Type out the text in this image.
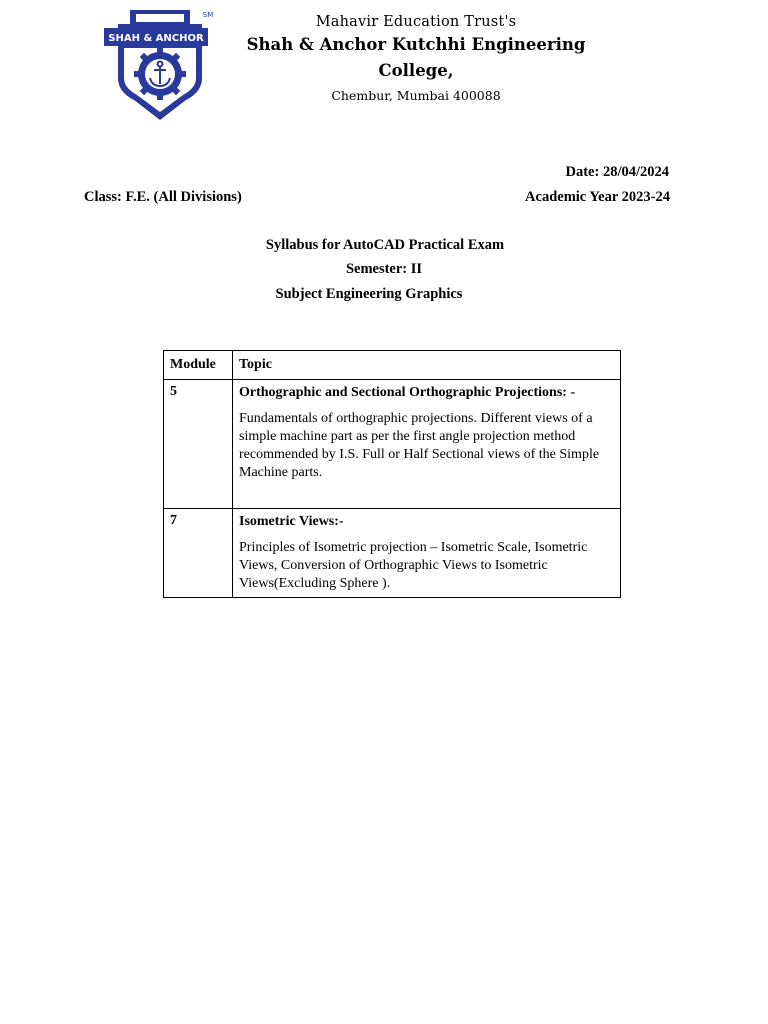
SHAH & ANCHOR
SM	Mahavir Education Trust's
Shah & Anchor Kutchhi Engineering
College,
Chembur, Mumbai 400088
Date: 28/04/2024
Class: F.E. (All Divisions)	Academic Year 2023-24
Syllabus for AutoCAD Practical Exam
Semester: II
Subject Engineering Graphics
Module	Topic
5	Orthographic and Sectional Orthographic Projections: -

Fundamentals of orthographic projections. Different views of a simple machine part as per the first angle projection method recommended by I.S. Full or Half Sectional views of the Simple Machine parts.

7	Isometric Views:-

Principles of Isometric projection – Isometric Scale, Isometric Views, Conversion of Orthographic Views to Isometric Views(Excluding Sphere ).
